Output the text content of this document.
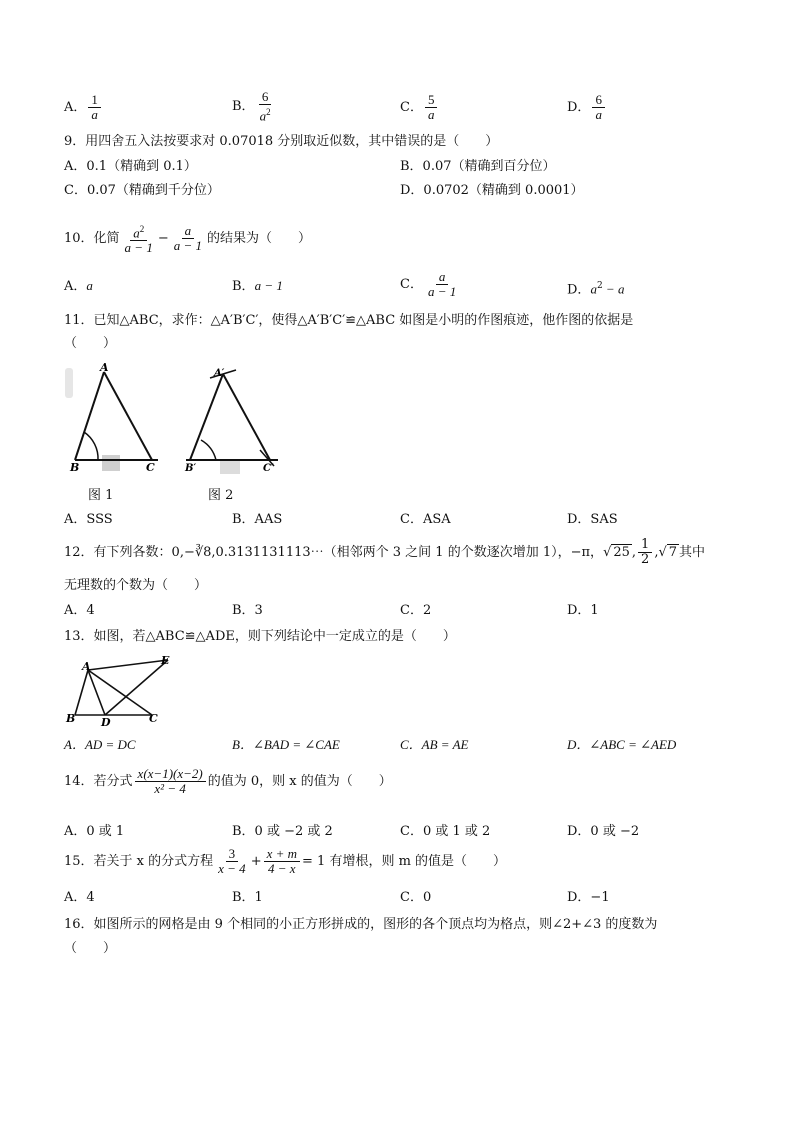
A． $\frac{1}{a}$	B． $\frac{6}{a^2}$	C． $\frac{5}{a}$	D． $\frac{6}{a}$
9．用四舍五入法按要求对 0.07018 分别取近似数，其中错误的是（　　）
A．0.1（精确到 0.1）	B．0.07（精确到百分位）
C．0.07（精确到千分位）	D．0.0702（精确到 0.0001）
10．化简 $\frac{a^2}{a - 1} - \frac{a}{a - 1}$ 的结果为（　　）
A．a	B．a − 1	C． $\frac{a}{a - 1}$	D．$a^2 - a$
11．已知△ABC，求作：△A′B′C′，使得△A′B′C′≌△ABC 如图是小明的作图痕迹，他作图的依据是
（　　）
A
B	C
A′
B′	C′
图 1	图 2
A．SSS	B．AAS	C．ASA	D．SAS
12．有下列各数：0,−∛8,0.3131131113⋯（相邻两个 3 之间 1 的个数逐次增加 1），−π，√ 25 , $\frac{1}{2}$ ,√ 7 其中
无理数的个数为（　　）
A．4	B．3	C．2	D．1
13．如图，若△ABC≌△ADE，则下列结论中一定成立的是（　　）
A
B	C
D
E
A．AD = DC	B．∠BAD = ∠CAE	C．AB = AE	D．∠ABC = ∠AED
14．若分式 $\frac{x(x-1)(x-2)}{\text{x² − 4}}$ 的值为 0，则 x 的值为（　　）
A．0 或 1	B．0 或 −2 或 2	C．0 或 1 或 2	D．0 或 −2
15．若关于 x 的分式方程 $\frac{3}{x - 4} + \frac{x + m}{4 - x} = 1$ 有增根，则 m 的值是（　　）
A．4	B．1	C．0	D．−1
16．如图所示的网格是由 9 个相同的小正方形拼成的，图形的各个顶点均为格点，则∠2+∠3 的度数为
（　　）
